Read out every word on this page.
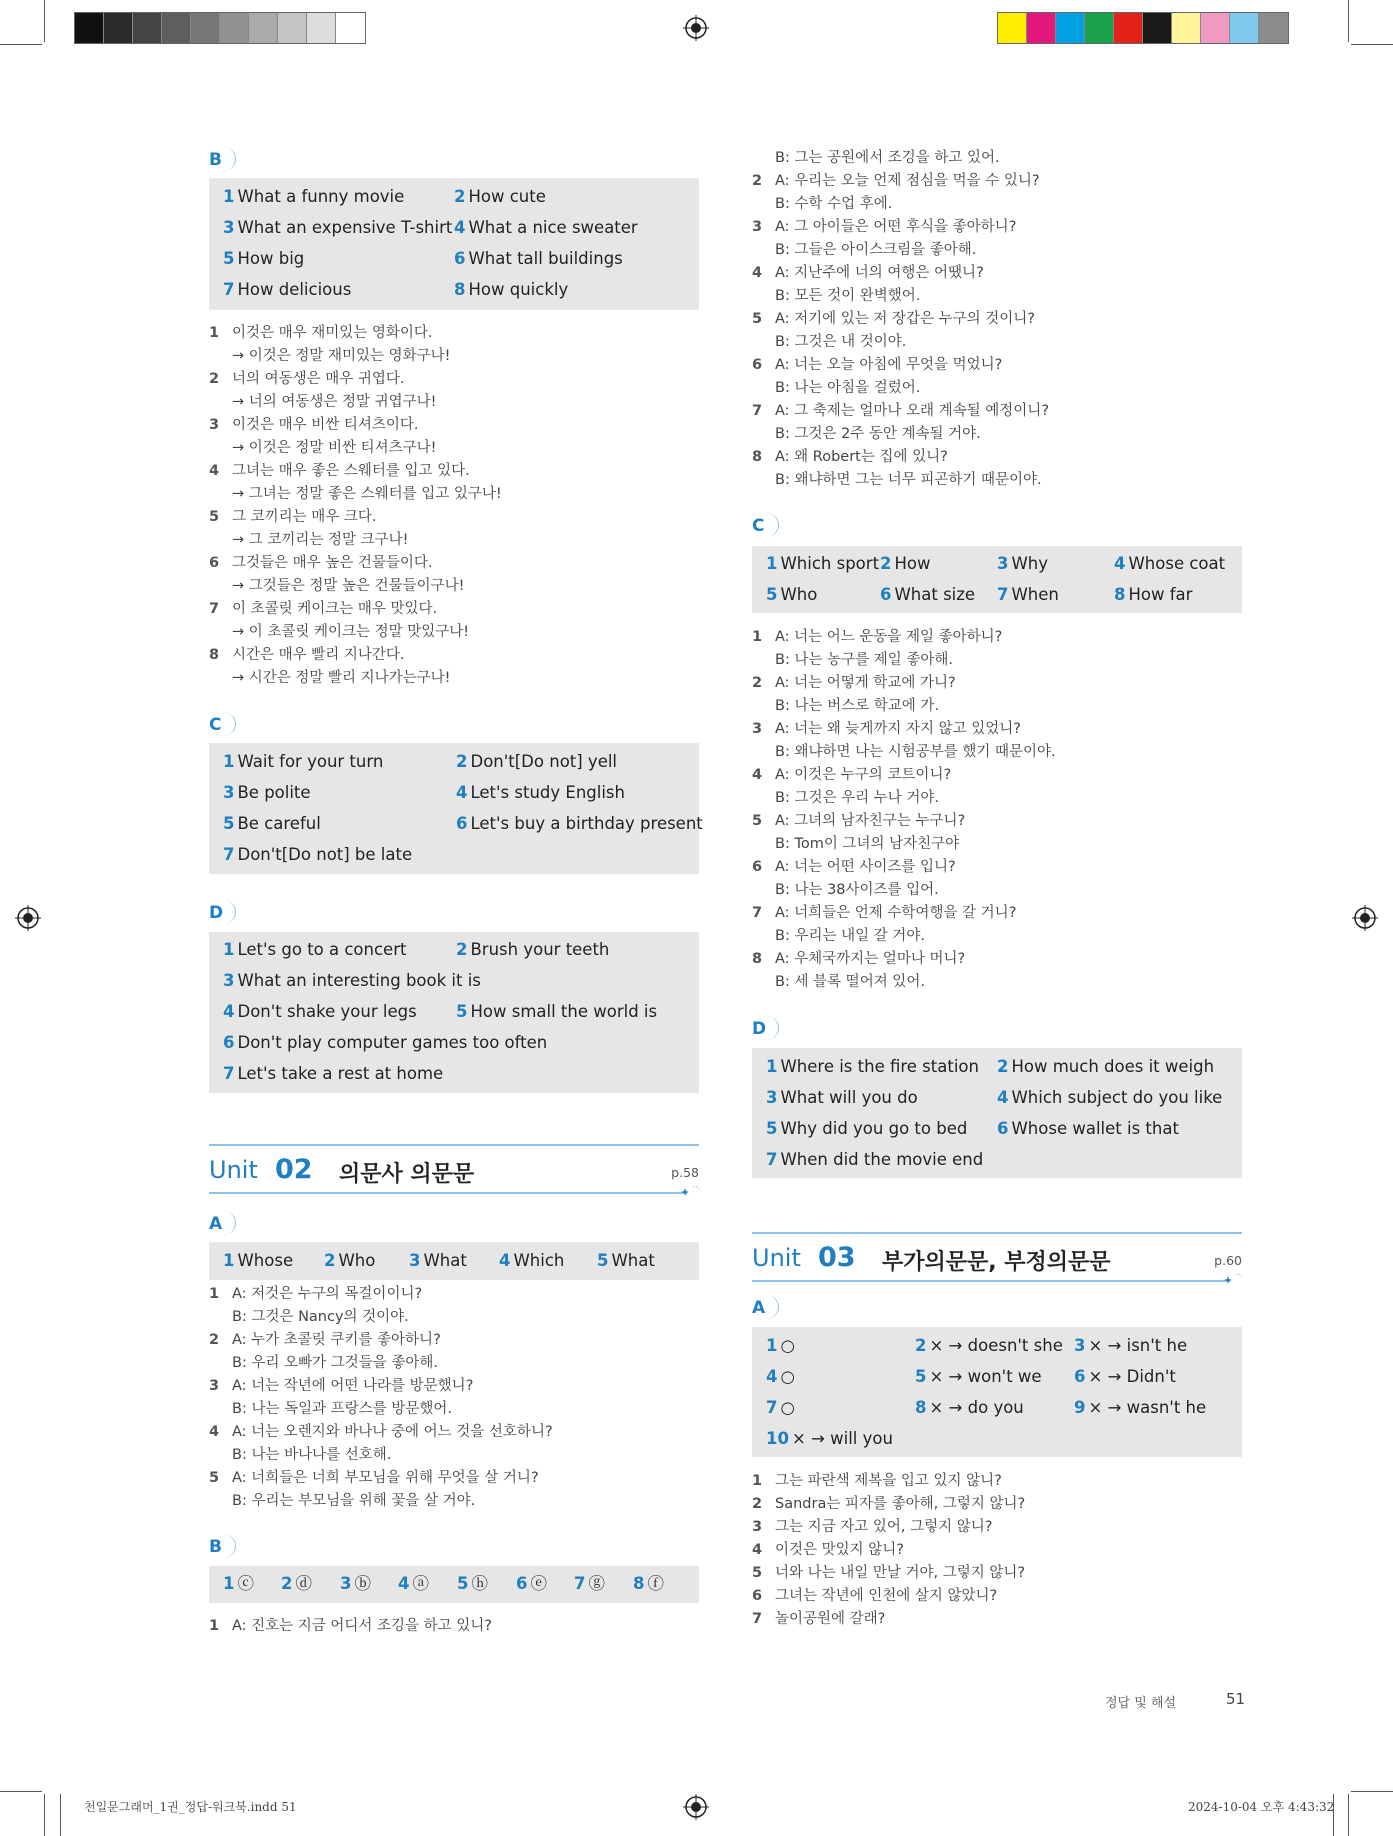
B
1 What a funny movie	2 How cute
3 What an expensive T-shirt 4 What a nice sweater
5 How big	6 What tall buildings
7 How delicious	8 How quickly
1 이것은 매우 재미있는 영화이다.
→ 이것은 정말 재미있는 영화구나!
2 너의 여동생은 매우 귀엽다.
→ 너의 여동생은 정말 귀엽구나!
3 이것은 매우 비싼 티셔츠이다.
→ 이것은 정말 비싼 티셔츠구나!
4 그녀는 매우 좋은 스웨터를 입고 있다.
→ 그녀는 정말 좋은 스웨터를 입고 있구나!
5 그 코끼리는 매우 크다.
→ 그 코끼리는 정말 크구나!
6 그것들은 매우 높은 건물들이다.
→ 그것들은 정말 높은 건물들이구나!
7 이 초콜릿 케이크는 매우 맛있다.
→ 이 초콜릿 케이크는 정말 맛있구나!
8 시간은 매우 빨리 지나간다.
→ 시간은 정말 빨리 지나가는구나!
C
1 Wait for your turn	2 Don't[Do not] yell
3 Be polite	4 Let's study English
5 Be careful	6 Let's buy a birthday present
7 Don't[Do not] be late
D
1 Let's go to a concert	2 Brush your teeth
3 What an interesting book it is
4 Don't shake your legs 5 How small the world is
6 Don't play computer games too often
7 Let's take a rest at home
Unit 02 의문사 의문문	p.58
A
1 Whose 2 Who 3 What 4 Which 5 What
1 A: 저것은 누구의 목걸이이니?
B: 그것은 Nancy의 것이야.
2 A: 누가 초콜릿 쿠키를 좋아하니?
B: 우리 오빠가 그것들을 좋아해.
3 A: 너는 작년에 어떤 나라를 방문했니?
B: 나는 독일과 프랑스를 방문했어.
4 A: 너는 오렌지와 바나나 중에 어느 것을 선호하니?
B: 나는 바나나를 선호해.
5 A: 너희들은 너희 부모님을 위해 무엇을 살 거니?
B: 우리는 부모님을 위해 꽃을 살 거야.
B
1 ⓒ 2 ⓓ 3 ⓑ 4 ⓐ 5 ⓗ 6 ⓔ 7 ⓖ 8 ⓕ
1 A: 진호는 지금 어디서 조깅을 하고 있니?
B: 그는 공원에서 조깅을 하고 있어.
2 A: 우리는 오늘 언제 점심을 먹을 수 있니?
B: 수학 수업 후에.
3 A: 그 아이들은 어떤 후식을 좋아하니?
B: 그들은 아이스크림을 좋아해.
4 A: 지난주에 너의 여행은 어땠니?
B: 모든 것이 완벽했어.
5 A: 저기에 있는 저 장갑은 누구의 것이니?
B: 그것은 내 것이야.
6 A: 너는 오늘 아침에 무엇을 먹었니?
B: 나는 아침을 걸렀어.
7 A: 그 축제는 얼마나 오래 계속될 예정이니?
B: 그것은 2주 동안 계속될 거야.
8 A: 왜 Robert는 집에 있니?
B: 왜냐하면 그는 너무 피곤하기 때문이야.
C
1 Which sport 2 How	3 Why	4 Whose coat
5 Who	6 What size 7 When	8 How far
1 A: 너는 어느 운동을 제일 좋아하니?
B: 나는 농구를 제일 좋아해.
2 A: 너는 어떻게 학교에 가니?
B: 나는 버스로 학교에 가.
3 A: 너는 왜 늦게까지 자지 않고 있었니?
B: 왜냐하면 나는 시험공부를 했기 때문이야.
4 A: 이것은 누구의 코트이니?
B: 그것은 우리 누나 거야.
5 A: 그녀의 남자친구는 누구니?
B: Tom이 그녀의 남자친구야
6 A: 너는 어떤 사이즈를 입니?
B: 나는 38사이즈를 입어.
7 A: 너희들은 언제 수학여행을 갈 거니?
B: 우리는 내일 갈 거야.
8 A: 우체국까지는 얼마나 머니?
B: 세 블록 떨어져 있어.
D
1 Where is the fire station 2 How much does it weigh
3 What will you do	4 Which subject do you like
5 Why did you go to bed 6 Whose wallet is that
7 When did the movie end
Unit 03 부가의문문, 부정의문문	p.60
A
1 ○	2 × → doesn't she 3 × → isn't he
4 ○	5 × → won't we 6 × → Didn't
7 ○	8 × → do you	9 × → wasn't he
10 × → will you
1 그는 파란색 제복을 입고 있지 않니?
2 Sandra는 피자를 좋아해, 그렇지 않니?
3 그는 지금 자고 있어, 그렇지 않니?
4 이것은 맛있지 않니?
5 너와 나는 내일 만날 거야, 그렇지 않니?
6 그녀는 작년에 인천에 살지 않았니?
7 놀이공원에 갈래?
정답 및 해설	51
천일문그래머_1권_정답-워크북.indd 51	2024-10-04 오후 4:43:32
